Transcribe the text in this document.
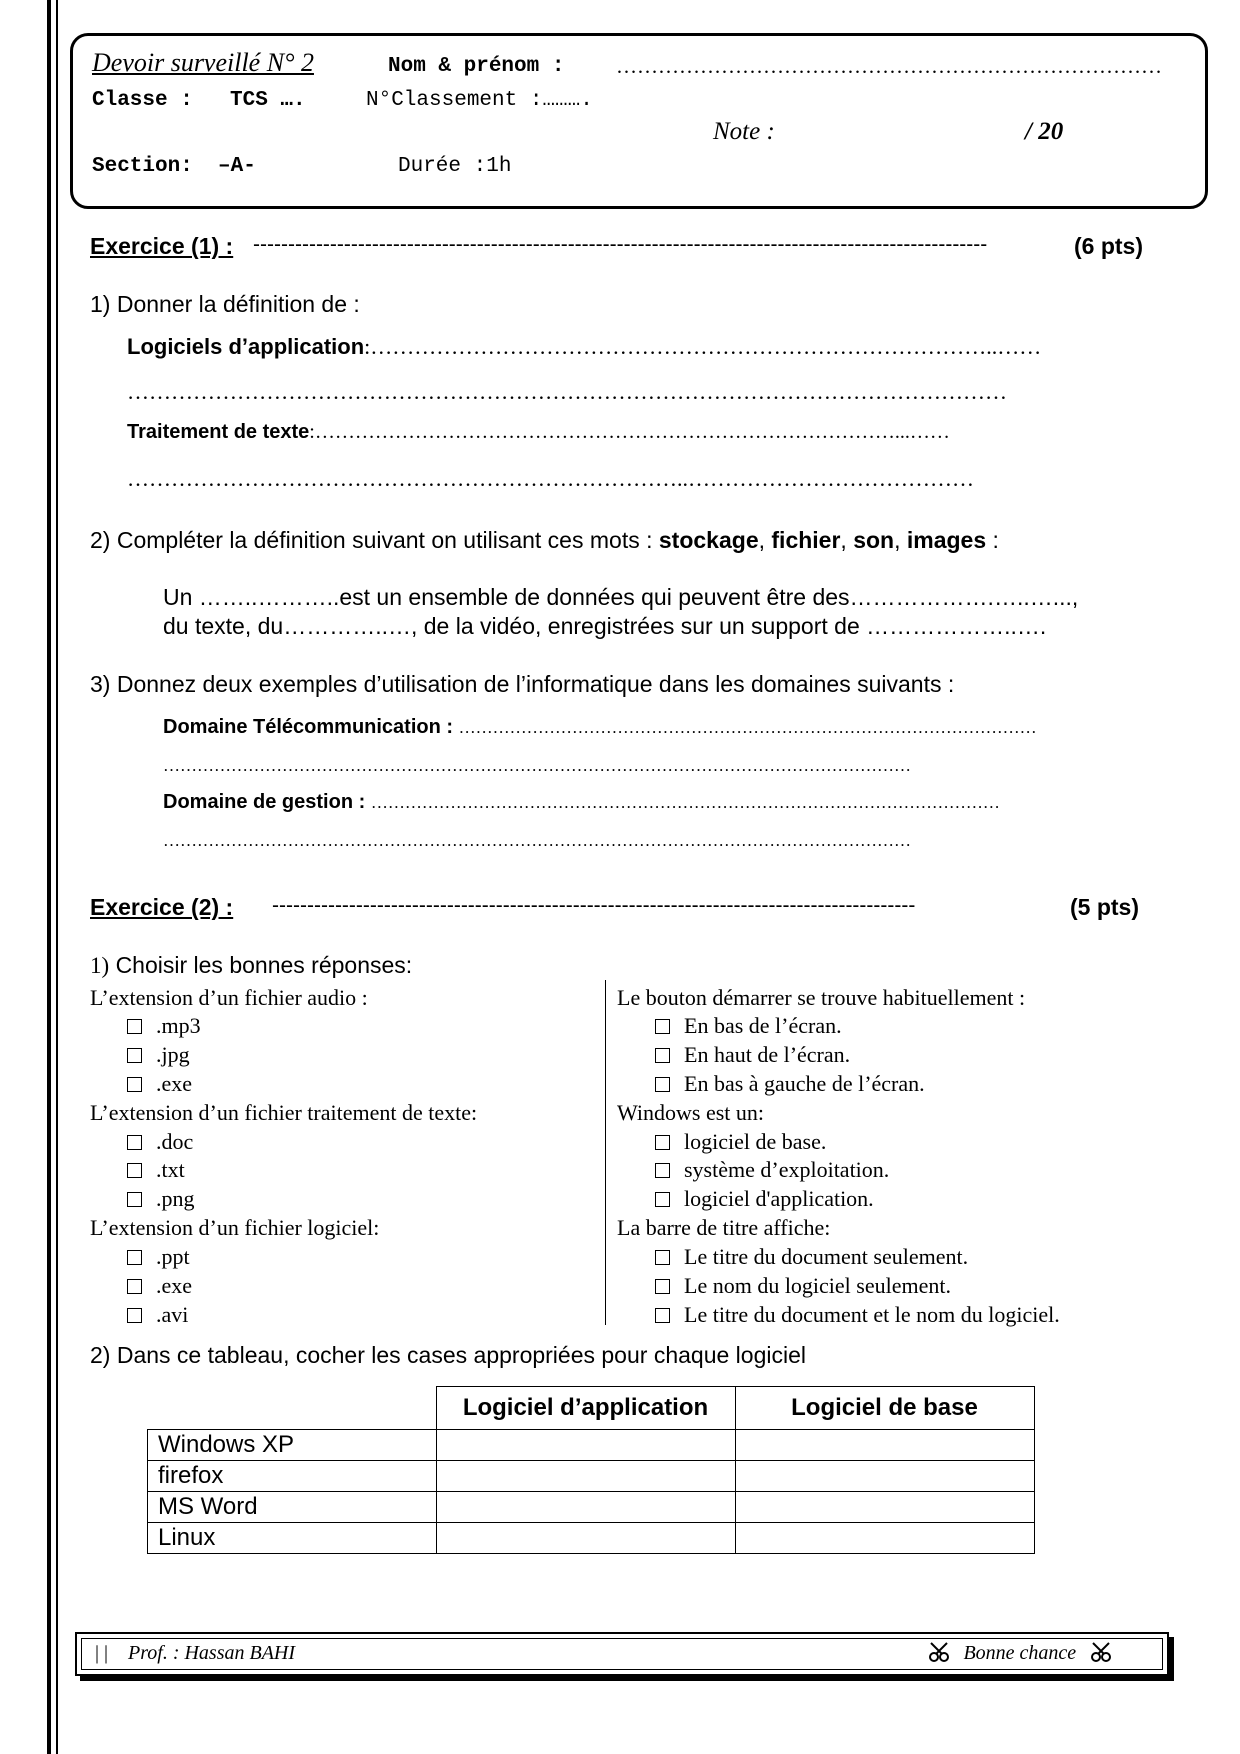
Devoir surveillé N° 2	Nom & prénom : ……………………………………………………………………
Classe : TCS ….	N°Classement :……….
Note :	/ 20
Section: –A-	Durée :1h
Exercice (1) : ---------------------------------------------------------------------------------------------------------	(6 pts)
1) Donner la définition de :
Logiciels d’application:…………………………………………………………………………..……
…………………………………………………………………………………………………………
Traitement de texte:……………………………………………………………………………...……
…………………………………………………………………..…………………………………
2) Compléter la définition suivant on utilisant ces mots : stockage, fichier, son, images :
Un ……..………..est un ensemble de données qui peuvent être des……………….…..…...,
du texte, du…………..…, de la vidéo, enregistrées sur un support de ………………..….
3) Donnez deux exemples d’utilisation de l’informatique dans les domaines suivants :
Domaine Télécommunication : …………………………………………………………………………………………
……………………………………………………………………………………………………………………
Domaine de gestion : …………………………………………………………………………………………………
……………………………………………………………………………………………………………………
Exercice (2) : --------------------------------------------------------------------------------------------	(5 pts)
1) Choisir les bonnes réponses:
L’extension d’un fichier audio :
.mp3
.jpg
.exe
L’extension d’un fichier traitement de texte:
.doc
.txt
.png
L’extension d’un fichier logiciel:
.ppt
.exe
.avi
Le bouton démarrer se trouve habituellement :
En bas de l’écran.
En haut de l’écran.
En bas à gauche de l’écran.
Windows est un:
logiciel de base.
système d’exploitation.
logiciel d'application.
La barre de titre affiche:
Le titre du document seulement.
Le nom du logiciel seulement.
Le titre du document et le nom du logiciel.
2) Dans ce tableau, cocher les cases appropriées pour chaque logiciel
	Logiciel d’application	Logiciel de base
Windows XP		
firefox		
MS Word		
Linux		
| | Prof. : Hassan BAHI	Bonne chance
